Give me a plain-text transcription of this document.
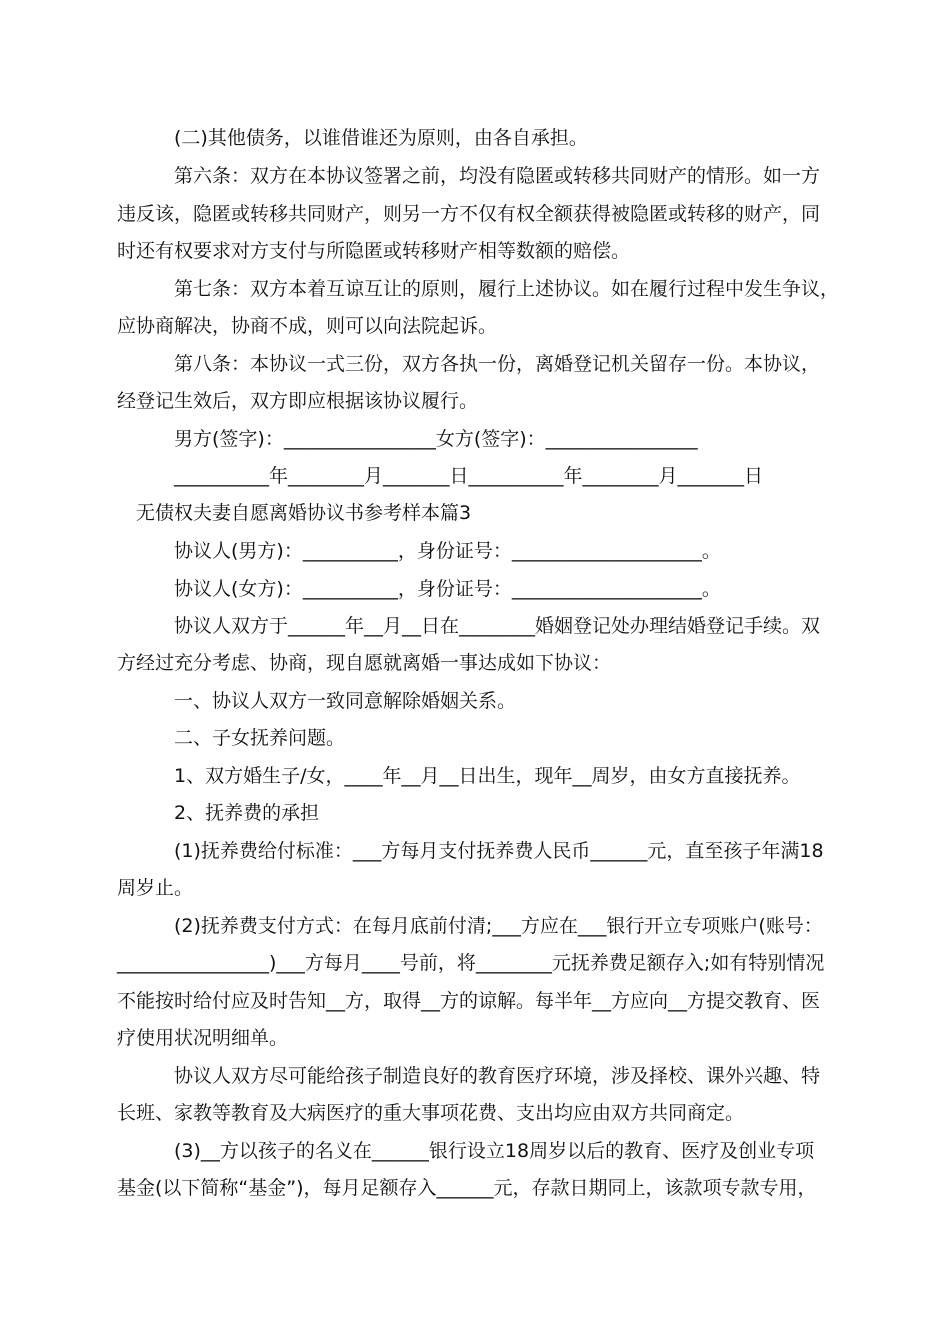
(二)其他债务，以谁借谁还为原则，由各自承担。
第六条：双方在本协议签署之前，均没有隐匿或转移共同财产的情形。如一方
违反该，隐匿或转移共同财产，则另一方不仅有权全额获得被隐匿或转移的财产，同
时还有权要求对方支付与所隐匿或转移财产相等数额的赔偿。
第七条：双方本着互谅互让的原则，履行上述协议。如在履行过程中发生争议，
应协商解决，协商不成，则可以向法院起诉。
第八条：本协议一式三份，双方各执一份，离婚登记机关留存一份。本协议，
经登记生效后，双方即应根据该协议履行。
男方(签字)：________________女方(签字)：________________
__________年________月_______日__________年________月_______日
无债权夫妻自愿离婚协议书参考样本篇3
协议人(男方)：__________，身份证号：____________________。
协议人(女方)：__________，身份证号：____________________。
协议人双方于______年__月__日在________婚姻登记处办理结婚登记手续。双
方经过充分考虑、协商，现自愿就离婚一事达成如下协议：
一、协议人双方一致同意解除婚姻关系。
二、子女抚养问题。
1、双方婚生子/女，____年__月__日出生，现年__周岁，由女方直接抚养。
2、抚养费的承担
(1)抚养费给付标准：___方每月支付抚养费人民币______元，直至孩子年满18
周岁止。
(2)抚养费支付方式：在每月底前付清;___方应在___银行开立专项账户(账号：
________________)___方每月____号前，将________元抚养费足额存入;如有特别情况
不能按时给付应及时告知__方，取得__方的谅解。每半年__方应向__方提交教育、医
疗使用状况明细单。
协议人双方尽可能给孩子制造良好的教育医疗环境，涉及择校、课外兴趣、特
长班、家教等教育及大病医疗的重大事项花费、支出均应由双方共同商定。
(3)__方以孩子的名义在______银行设立18周岁以后的教育、医疗及创业专项
基金(以下简称“基金”)，每月足额存入______元，存款日期同上，该款项专款专用，
